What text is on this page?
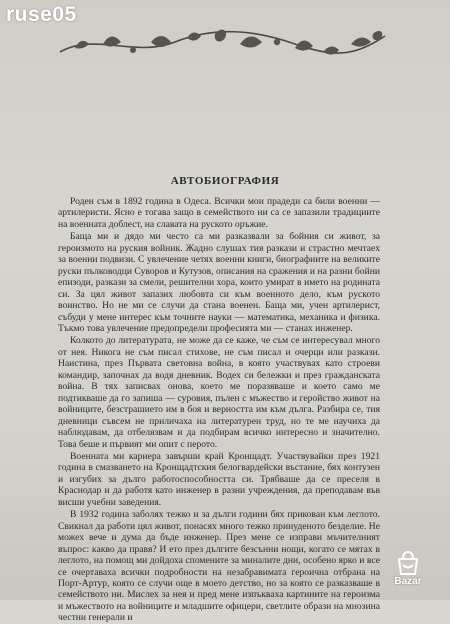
ruse05
АВТОБИОГРАФИЯ

Роден съм в 1892 година в Одеса. Всички мои прадеди са били военни — артилеристи. Ясно е тогава защо в семейството ни са се запазили традициите на военната доблест, на славата на руското оръжие.

Баща ми и дядо ми често са ми разказвали за бойния си живот, за героизмото на руския войник. Жадно слушах тия разкази и страстно мечтаех за военни подвизи. С увлечение четях военни книги, биографиите на великите руски пълководци Суворов и Кутузов, описания на сражения и на разни бойни епизоди, разкази за смели, решителни хора, които умират в името на родината си. За цял живот запазих любовта си към военното дело, към руското воинство. Но не ми се случи да стана военен. Баща ми, учен артилерист, събуди у мене интерес към точните науки — математика, механика и физика. Тъкмо това увлечение предопредели професията ми — станах инженер.

Колкото до литературата, не може да се каже, че съм се интересувал много от нея. Никога не съм писал стихове, не съм писал и очерци или разкази. Наистина, през Първата световна война, в която участвувах като строеви командир, започнах да водя дневник. Водех си бележки и през гражданската война. В тях записвах онова, което ме поразяваше и което само ме подтикваше да го запиша — суровия, пълен с мъжество и геройство живот на войниците, безстрашието им в боя и верността им към дълга. Разбира се, тия дневници съвсем не приличаха на литературен труд, но те ме научиха да наблюдавам, да отбелязвам и да подбирам всичко интересно и значително. Това беше и първият ми опит с перото.

Военната ми кариера завърши край Кронщадт. Участвувайки през 1921 година в смазването на Кронщадтския белогвардейски въстание, бях контузен и изгубих за дълго работоспособността си. Трябваше да се преселя в Краснодар и да работя като инженер в разни учреждения, да преподавам във висши учебни заведения.

В 1932 година заболях тежко и за дълги години бях прикован към леглото. Свикнал да работи цял живот, понасях много тежко принуденото безделие. Не можех вече и дума да бъде инженер. През мене се изправи мъчителният въпрос: какво да правя? И ето през дългите безсънни нощи, когато се мятах в леглото, на помощ ми дойдоха спомените за миналите дни, особено ярко и все се очертаваха всички подробности на незабравимата героична отбрана на Порт-Артур, която се случи още в моето детство, но за която се разказваше в семейството ни. Мислех за нея и пред мене изпъкваха картините на героизма и мъжеството на войниците и младшите офицери, светлите образи на мнозина честни генерали и

Bazar
